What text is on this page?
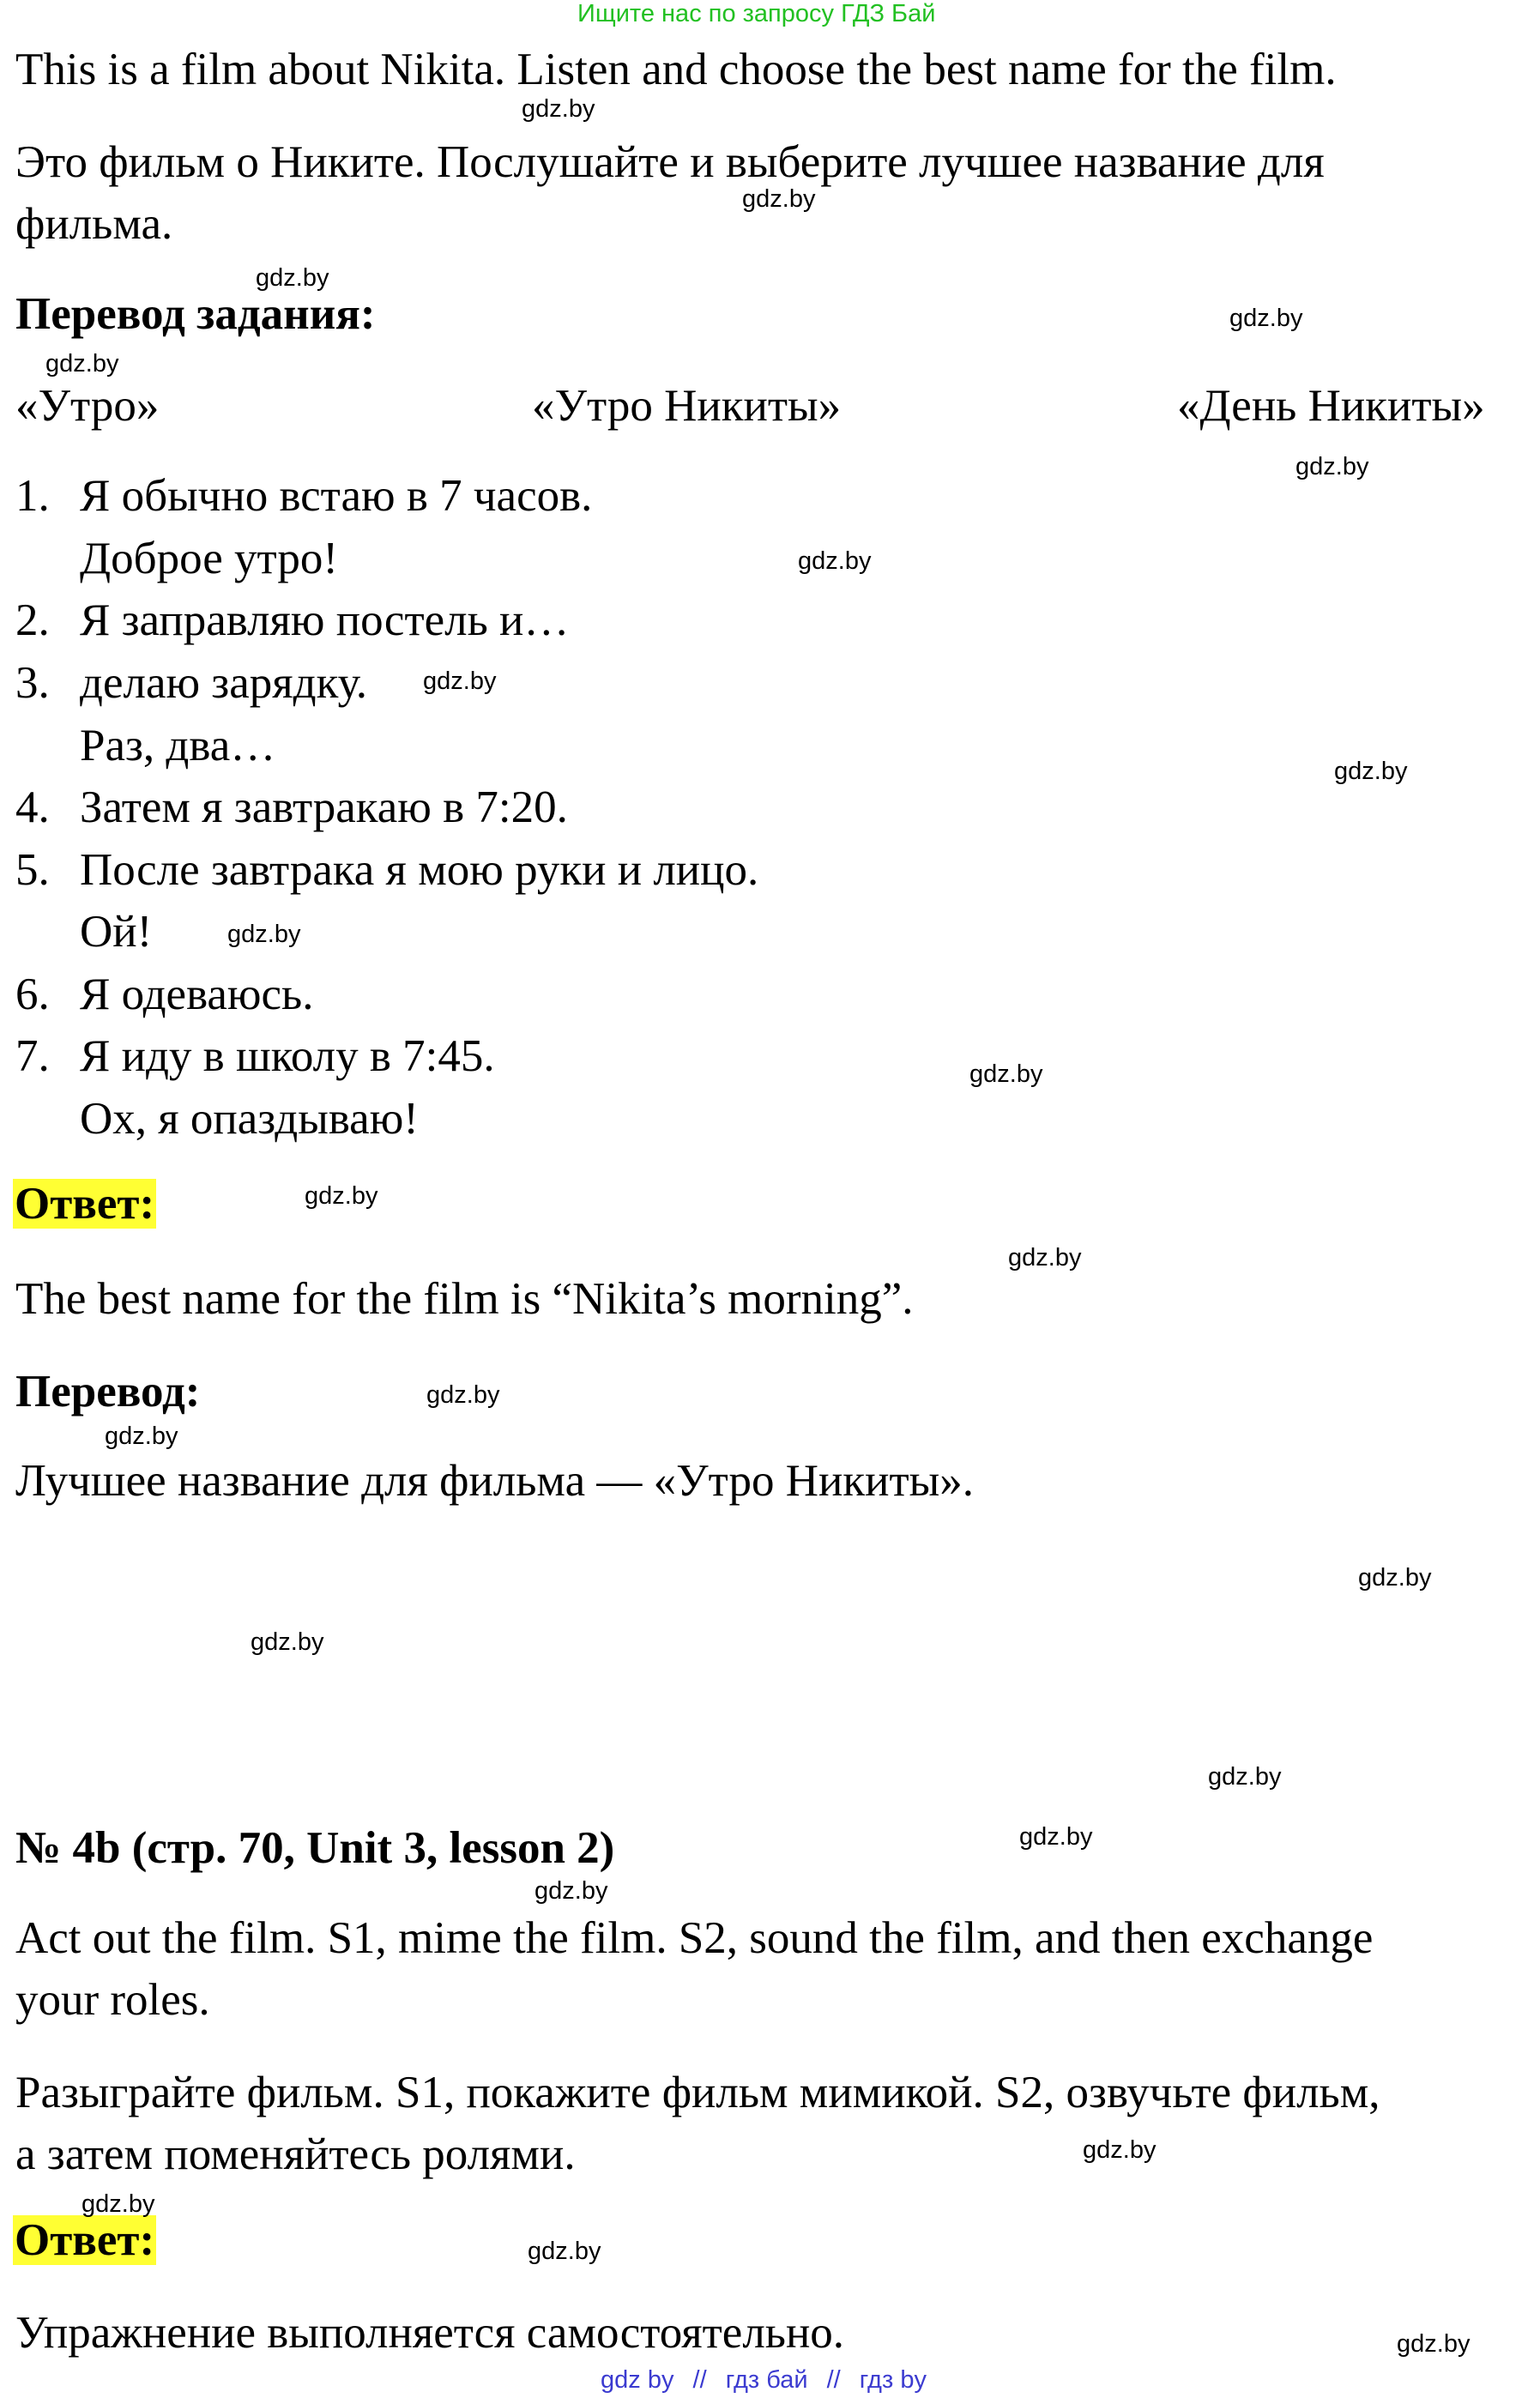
Ищите нас по запросу ГДЗ Бай
This is a film about Nikita. Listen and choose the best name for the film.
Это фильм о Никите. Послушайте и выберите лучшее название для
фильма.
Перевод задания:
«Утро»	«Утро Никиты»	«День Никиты»
1. Я обычно встаю в 7 часов.
Доброе утро!
2. Я заправляю постель и…
3. делаю зарядку.
Раз, два…
4. Затем я завтракаю в 7:20.
5. После завтрака я мою руки и лицо.
Ой!
6. Я одеваюсь.
7. Я иду в школу в 7:45.
Ох, я опаздываю!
Ответ:
The best name for the film is “Nikita’s morning”.
Перевод:
Лучшее название для фильма — «Утро Никиты».
№ 4b (стр. 70, Unit 3, lesson 2)
Act out the film. S1, mime the film. S2, sound the film, and then exchange
your roles.
Разыграйте фильм. S1, покажите фильм мимикой. S2, озвучьте фильм,
а затем поменяйтесь ролями.
Ответ:
Упражнение выполняется самостоятельно.
gdz.by
gdz.by
gdz.by
gdz.by
gdz.by
gdz.by
gdz.by
gdz.by
gdz.by
gdz.by
gdz.by
gdz.by
gdz.by
gdz.by
gdz.by
gdz.by
gdz.by
gdz.by
gdz.by
gdz.by
gdz.by
gdz.by
gdz.by
gdz.by
gdz by // гдз бай // гдз by
